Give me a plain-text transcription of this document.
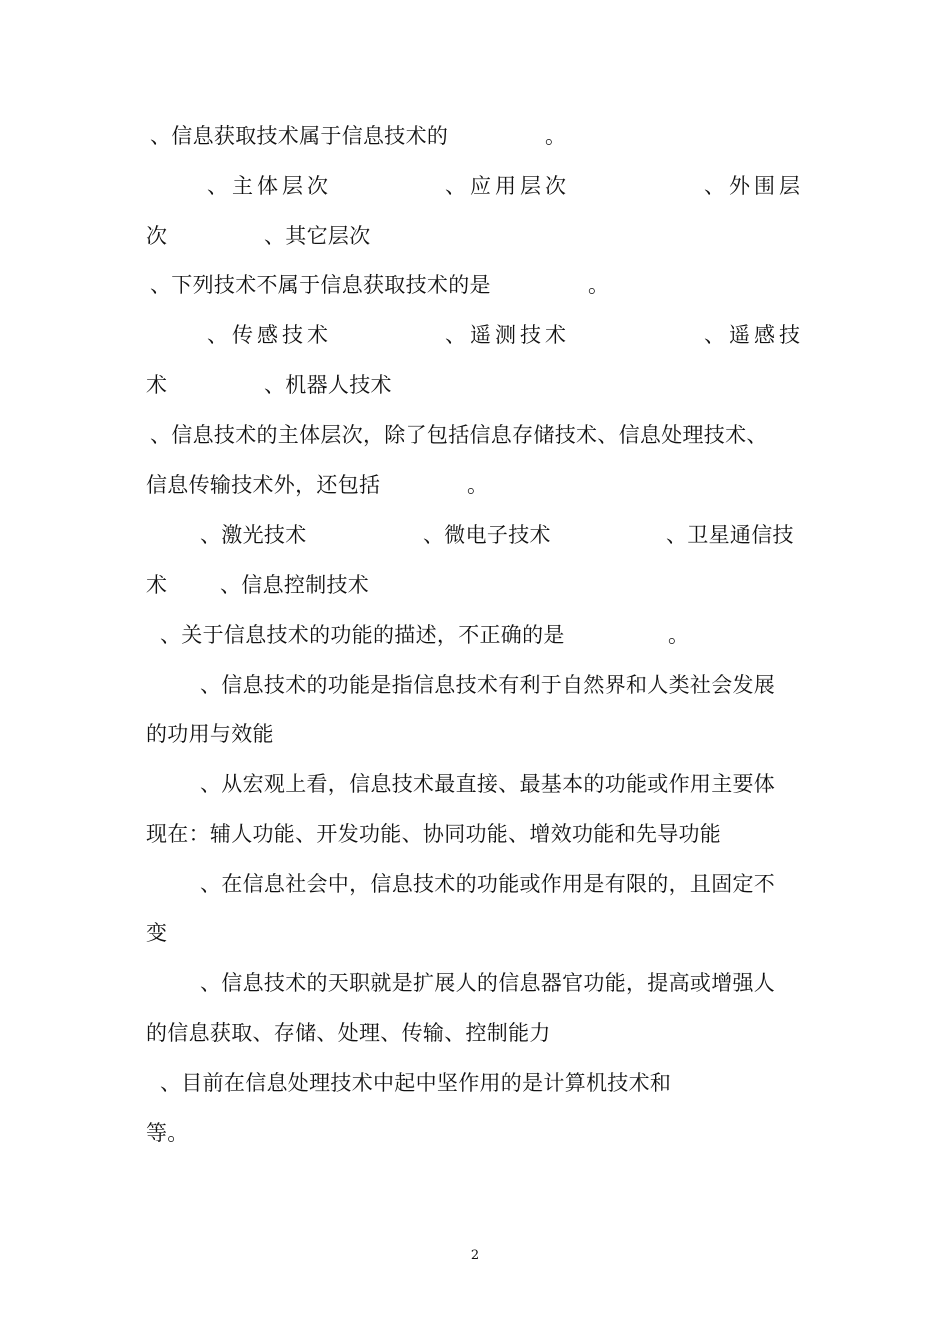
、信息获取技术属于信息技术的	。
、主体层次	、应用层次	、外围层
次	、其它层次
、下列技术不属于信息获取技术的是	。
、传感技术	、遥测技术	、遥感技
术	、机器人技术
、信息技术的主体层次，除了包括信息存储技术、信息处理技术、
信息传输技术外，还包括	。
、激光技术	、微电子技术	、卫星通信技
术	、信息控制技术
、关于信息技术的功能的描述，不正确的是	。
、信息技术的功能是指信息技术有利于自然界和人类社会发展
的功用与效能
、从宏观上看，信息技术最直接、最基本的功能或作用主要体
现在：辅人功能、开发功能、协同功能、增效功能和先导功能
、在信息社会中，信息技术的功能或作用是有限的，且固定不
变
、信息技术的天职就是扩展人的信息器官功能，提高或增强人
的信息获取、存储、处理、传输、控制能力
、目前在信息处理技术中起中坚作用的是计算机技术和
等。
2
